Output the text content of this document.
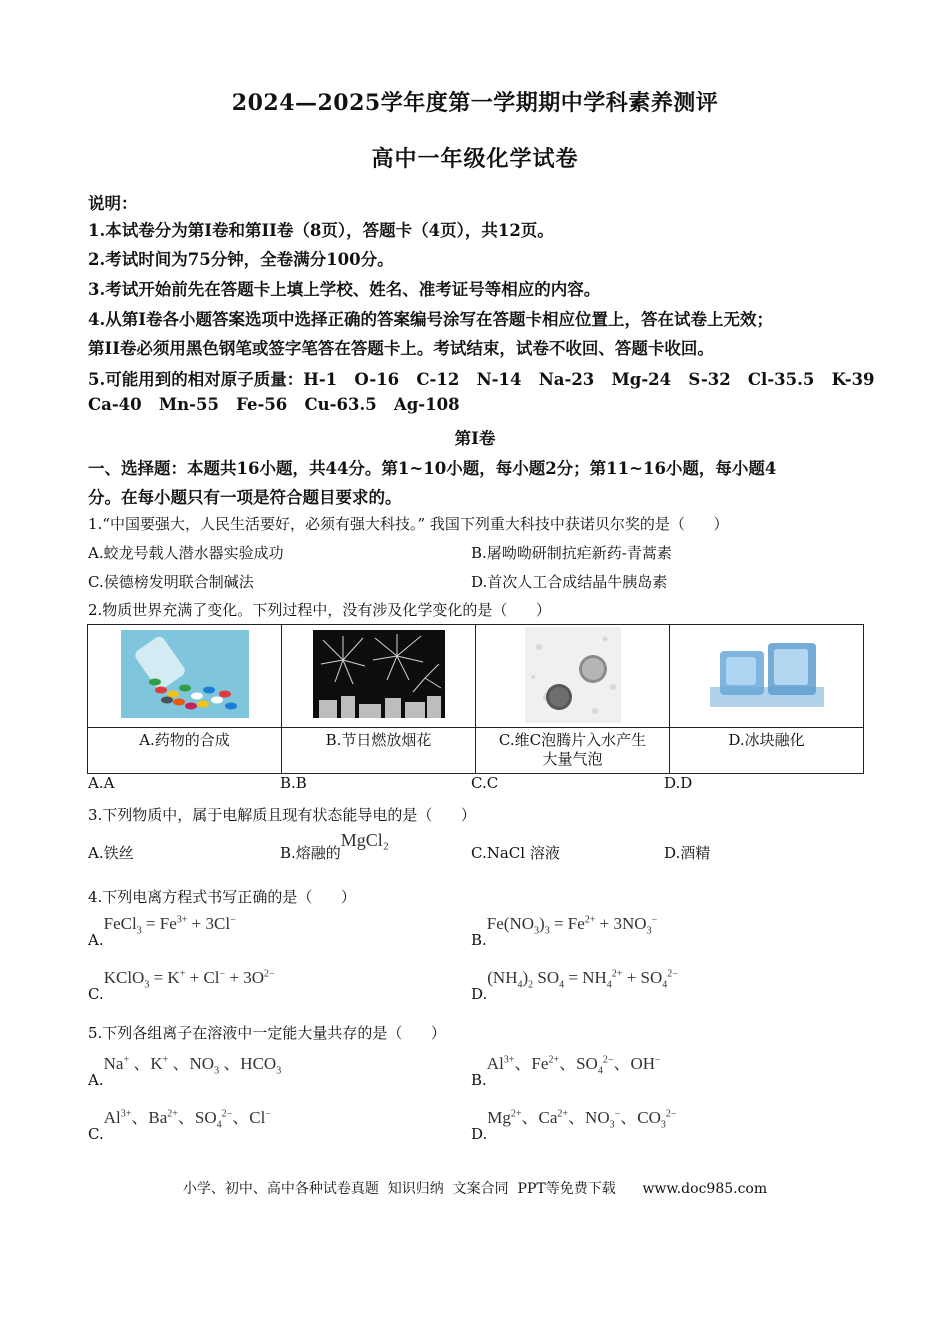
2024—2025学年度第一学期期中学科素养测评
高中一年级化学试卷
说明：
1.本试卷分为第I卷和第II卷（8页），答题卡（4页），共12页。
2.考试时间为75分钟，全卷满分100分。
3.考试开始前先在答题卡上填上学校、姓名、准考证号等相应的内容。
4.从第I卷各小题答案选项中选择正确的答案编号涂写在答题卡相应位置上，答在试卷上无效；
第II卷必须用黑色钢笔或签字笔答在答题卡上。考试结束，试卷不收回、答题卡收回。
5.可能用到的相对原子质量：H-1   O-16   C-12   N-14   Na-23   Mg-24   S-32   Cl-35.5   K-39
Ca-40   Mn-55   Fe-56   Cu-63.5   Ag-108
第I卷
一、选择题：本题共16小题，共44分。第1~10小题，每小题2分；第11~16小题，每小题4
分。在每小题只有一项是符合题目要求的。
1.“中国要强大，人民生活要好，必须有强大科技。” 我国下列重大科技中获诺贝尔奖的是（      ）
A.蛟龙号载人潜水器实验成功	B.屠呦呦研制抗疟新药-青蒿素
C.侯德榜发明联合制碱法	D.首次人工合成结晶牛胰岛素
2.物质世界充满了变化。下列过程中，没有涉及化学变化的是（      ）

A.药物的合成	B.节日燃放烟花	C.维C泡腾片入水产生
大量气泡	D.冰块融化
A.A	B.B	C.C	D.D
3.下列物质中，属于电解质且现有状态能导电的是（      ）
A.铁丝	B.熔融的MgCl₂
C.NaCl 溶液	D.酒精
4.下列电离方程式书写正确的是（      ）
A.FeCl$_3$ = $Fe^{3+} + 3Cl^-$
$B.Fe(NO_3)_3 = Fe^{2+} + 3NO_3^-$
C.KClO$_3$ = $K^+ + Cl^- + 3O^{2-}$
$D.(NH_4)_2$ $SO_4 = NH_4^{2+} + SO_4^{2-}$
5.下列各组离子在溶液中一定能大量共存的是（      ）
A.Na+ 、K+ 、$NO_3$ 、$HCO_3$
$B.Al^{3+}$、$Fe^{2+}$、$SO_4^{2-}$、OH−
$C.Al^{3+}$、$Ba^{2+}$、$SO_4^{2-}$、Cl−
$D.Mg^{2+}$、$Ca^{2+}$、$NO_3^-$、$CO_3^{2-}$
小学、初中、高中各种试卷真题  知识归纳  文案合同  PPT等免费下载      www.doc985.com
